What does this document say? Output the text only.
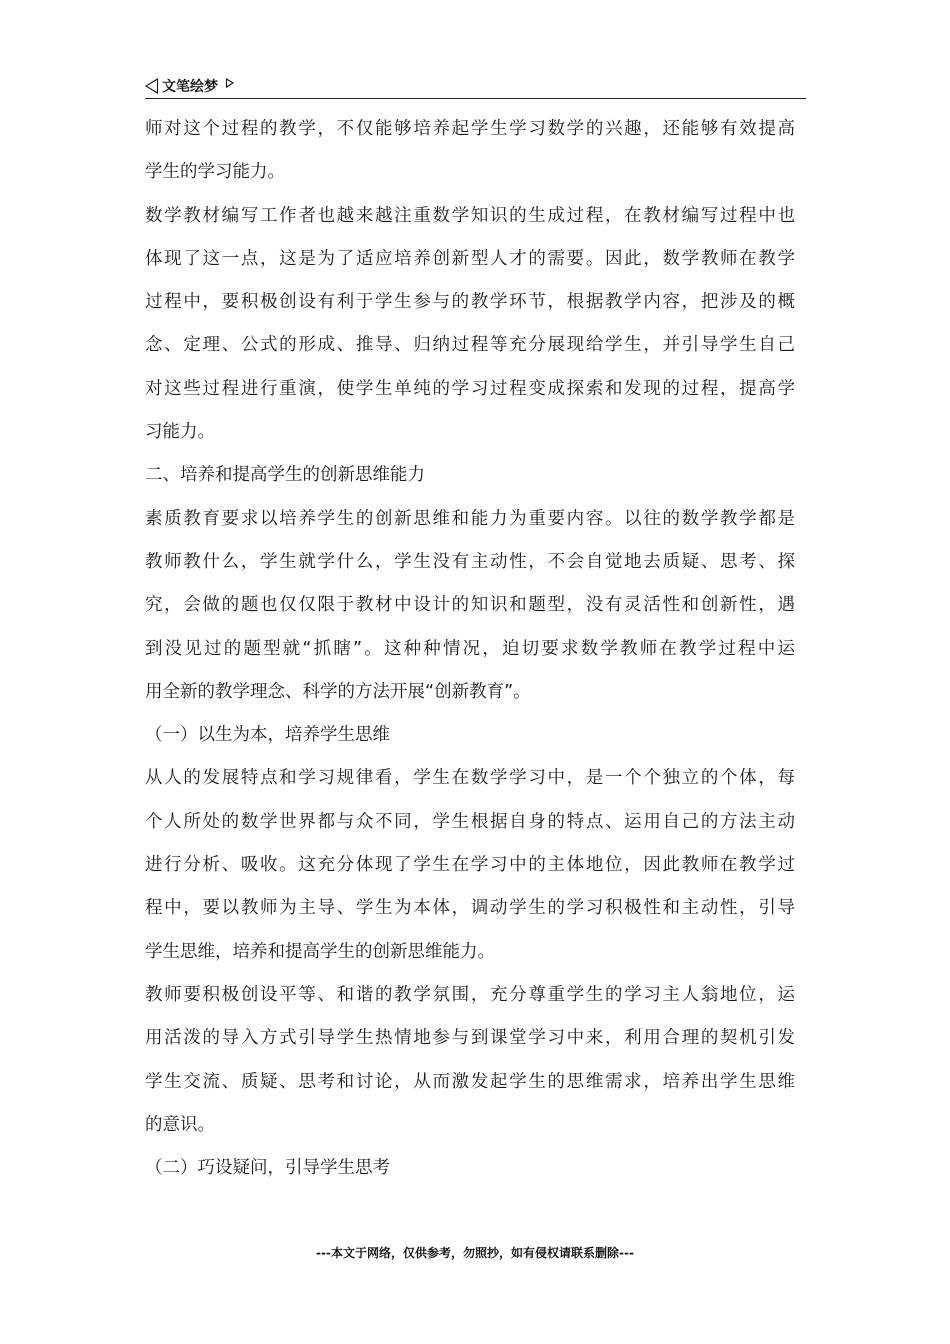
文笔绘梦
师对这个过程的教学，不仅能够培养起学生学习数学的兴趣，还能够有效提高
学生的学习能力。
数学教材编写工作者也越来越注重数学知识的生成过程，在教材编写过程中也
体现了这一点，这是为了适应培养创新型人才的需要。因此，数学教师在教学
过程中，要积极创设有利于学生参与的教学环节，根据教学内容，把涉及的概
念、定理、公式的形成、推导、归纳过程等充分展现给学生，并引导学生自己
对这些过程进行重演，使学生单纯的学习过程变成探索和发现的过程，提高学
习能力。
二、培养和提高学生的创新思维能力
素质教育要求以培养学生的创新思维和能力为重要内容。以往的数学教学都是
教师教什么，学生就学什么，学生没有主动性，不会自觉地去质疑、思考、探
究，会做的题也仅仅限于教材中设计的知识和题型，没有灵活性和创新性，遇
到没见过的题型就“抓瞎”。这种种情况，迫切要求数学教师在教学过程中运
用全新的教学理念、科学的方法开展“创新教育”。
（一）以生为本，培养学生思维
从人的发展特点和学习规律看，学生在数学学习中，是一个个独立的个体，每
个人所处的数学世界都与众不同，学生根据自身的特点、运用自己的方法主动
进行分析、吸收。这充分体现了学生在学习中的主体地位，因此教师在教学过
程中，要以教师为主导、学生为本体，调动学生的学习积极性和主动性，引导
学生思维，培养和提高学生的创新思维能力。
教师要积极创设平等、和谐的教学氛围，充分尊重学生的学习主人翁地位，运
用活泼的导入方式引导学生热情地参与到课堂学习中来，利用合理的契机引发
学生交流、质疑、思考和讨论，从而激发起学生的思维需求，培养出学生思维
的意识。
（二）巧设疑问，引导学生思考
---本文于网络，仅供参考，勿照抄，如有侵权请联系删除---
